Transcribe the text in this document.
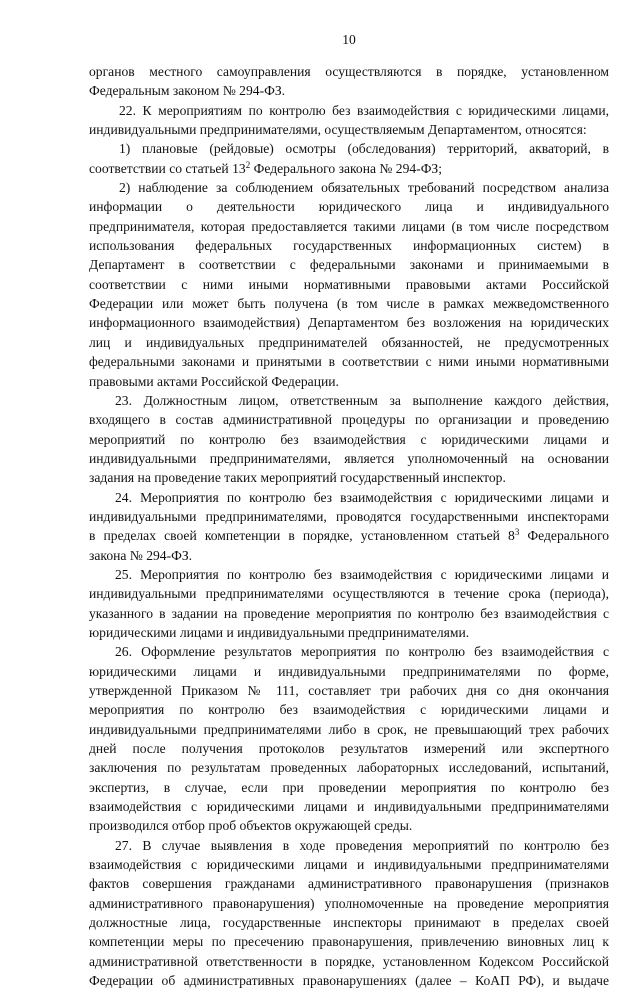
10

органов местного самоуправления осуществляются в порядке, установленном

Федеральным законом № 294-ФЗ.

22. К мероприятиям по контролю без взаимодействия с юридическими лицами,

индивидуальными предпринимателями, осуществляемым Департаментом, относятся:

1) плановые (рейдовые) осмотры (обследования) территорий, акваторий, в

соответствии со статьей $13^2$ Федерального закона № 294-ФЗ;

2) наблюдение за соблюдением обязательных требований посредством анализа

информации о деятельности юридического лица и индивидуального

предпринимателя, которая предоставляется такими лицами (в том числе посредством

использования федеральных государственных информационных систем) в

Департамент в соответствии с федеральными законами и принимаемыми в

соответствии с ними иными нормативными правовыми актами Российской

Федерации или может быть получена (в том числе в рамках межведомственного

информационного взаимодействия) Департаментом без возложения на юридических

лиц и индивидуальных предпринимателей обязанностей, не предусмотренных

федеральными законами и принятыми в соответствии с ними иными нормативными

правовыми актами Российской Федерации.

23. Должностным лицом, ответственным за выполнение каждого действия,

входящего в состав административной процедуры по организации и проведению

мероприятий по контролю без взаимодействия с юридическими лицами и

индивидуальными предпринимателями, является уполномоченный на основании

задания на проведение таких мероприятий государственный инспектор.

24. Мероприятия по контролю без взаимодействия с юридическими лицами и

индивидуальными предпринимателями, проводятся государственными инспекторами

в пределах своей компетенции в порядке, установленном статьей $8^3$ Федерального

закона № 294-ФЗ.

25. Мероприятия по контролю без взаимодействия с юридическими лицами и

индивидуальными предпринимателями осуществляются в течение срока (периода),

указанного в задании на проведение мероприятия по контролю без взаимодействия с

юридическими лицами и индивидуальными предпринимателями.

26. Оформление результатов мероприятия по контролю без взаимодействия с

юридическими лицами и индивидуальными предпринимателями по форме,

утвержденной Приказом № 111, составляет три рабочих дня со дня окончания

мероприятия по контролю без взаимодействия с юридическими лицами и

индивидуальными предпринимателями либо в срок, не превышающий трех рабочих

дней после получения протоколов результатов измерений или экспертного

заключения по результатам проведенных лабораторных исследований, испытаний,

экспертиз, в случае, если при проведении мероприятия по контролю без

взаимодействия с юридическими лицами и индивидуальными предпринимателями

производился отбор проб объектов окружающей среды.

27. В случае выявления в ходе проведения мероприятий по контролю без

взаимодействия с юридическими лицами и индивидуальными предпринимателями

фактов совершения гражданами административного правонарушения (признаков

административного правонарушения) уполномоченные на проведение мероприятия

должностные лица, государственные инспекторы принимают в пределах своей

компетенции меры по пресечению правонарушения, привлечению виновных лиц к

административной ответственности в порядке, установленном Кодексом Российской

Федерации об административных правонарушениях (далее – КоАП РФ), и выдаче
